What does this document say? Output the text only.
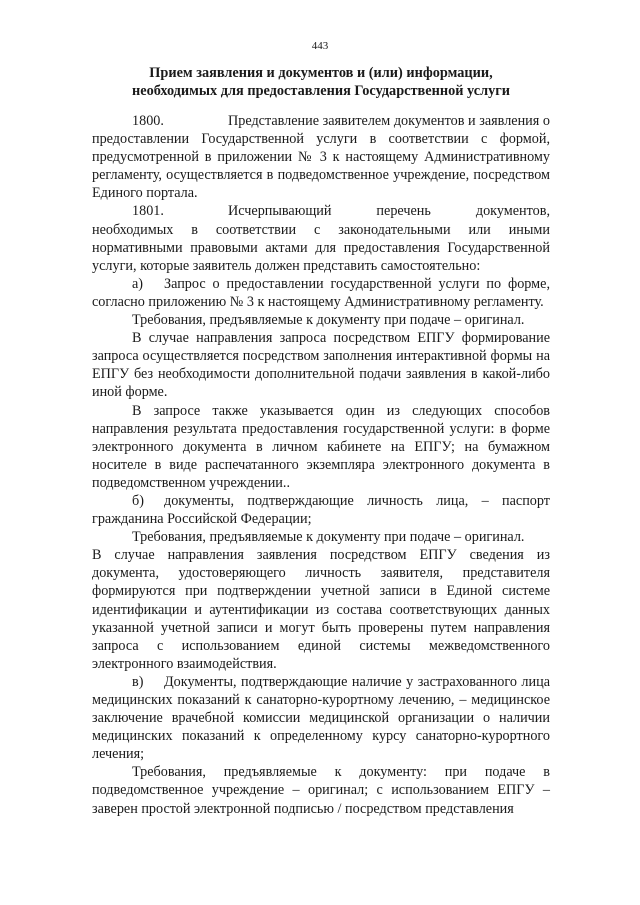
443
Прием заявления и документов и (или) информации,
необходимых для предоставления Государственной услуги

1800.	Представление заявителем документов и заявления о предоставлении Государственной услуги в соответствии с формой, предусмотренной в приложении № 3 к настоящему Административному регламенту, осуществляется в подведомственное учреждение, посредством Единого портала.

1801.	Исчерпывающий перечень документов, необходимых в соответствии с законодательными или иными нормативными правовыми актами для предоставления Государственной услуги, которые заявитель должен представить самостоятельно:

а) Запрос о предоставлении государственной услуги по форме, согласно приложению № 3 к настоящему Административному регламенту.

Требования, предъявляемые к документу при подаче – оригинал.

В случае направления запроса посредством ЕПГУ формирование запроса осуществляется посредством заполнения интерактивной формы на ЕПГУ без необходимости дополнительной подачи заявления в какой-либо иной форме.

В запросе также указывается один из следующих способов направления результата предоставления государственной услуги: в форме электронного документа в личном кабинете на ЕПГУ; на бумажном носителе в виде распечатанного экземпляра электронного документа в подведомственном учреждении..

б) документы, подтверждающие личность лица, – паспорт гражданина Российской Федерации;

Требования, предъявляемые к документу при подаче – оригинал.

В случае направления заявления посредством ЕПГУ сведения из документа, удостоверяющего личность заявителя, представителя формируются при подтверждении учетной записи в Единой системе идентификации и аутентификации из состава соответствующих данных указанной учетной записи и могут быть проверены путем направления запроса с использованием единой системы межведомственного электронного взаимодействия.

в) Документы, подтверждающие наличие у застрахованного лица медицинских показаний к санаторно-курортному лечению, – медицинское заключение врачебной комиссии медицинской организации о наличии медицинских показаний к определенному курсу санаторно-курортного лечения;

Требования, предъявляемые к документу: при подаче в подведомственное учреждение – оригинал; с использованием ЕПГУ – заверен простой электронной подписью / посредством представления
